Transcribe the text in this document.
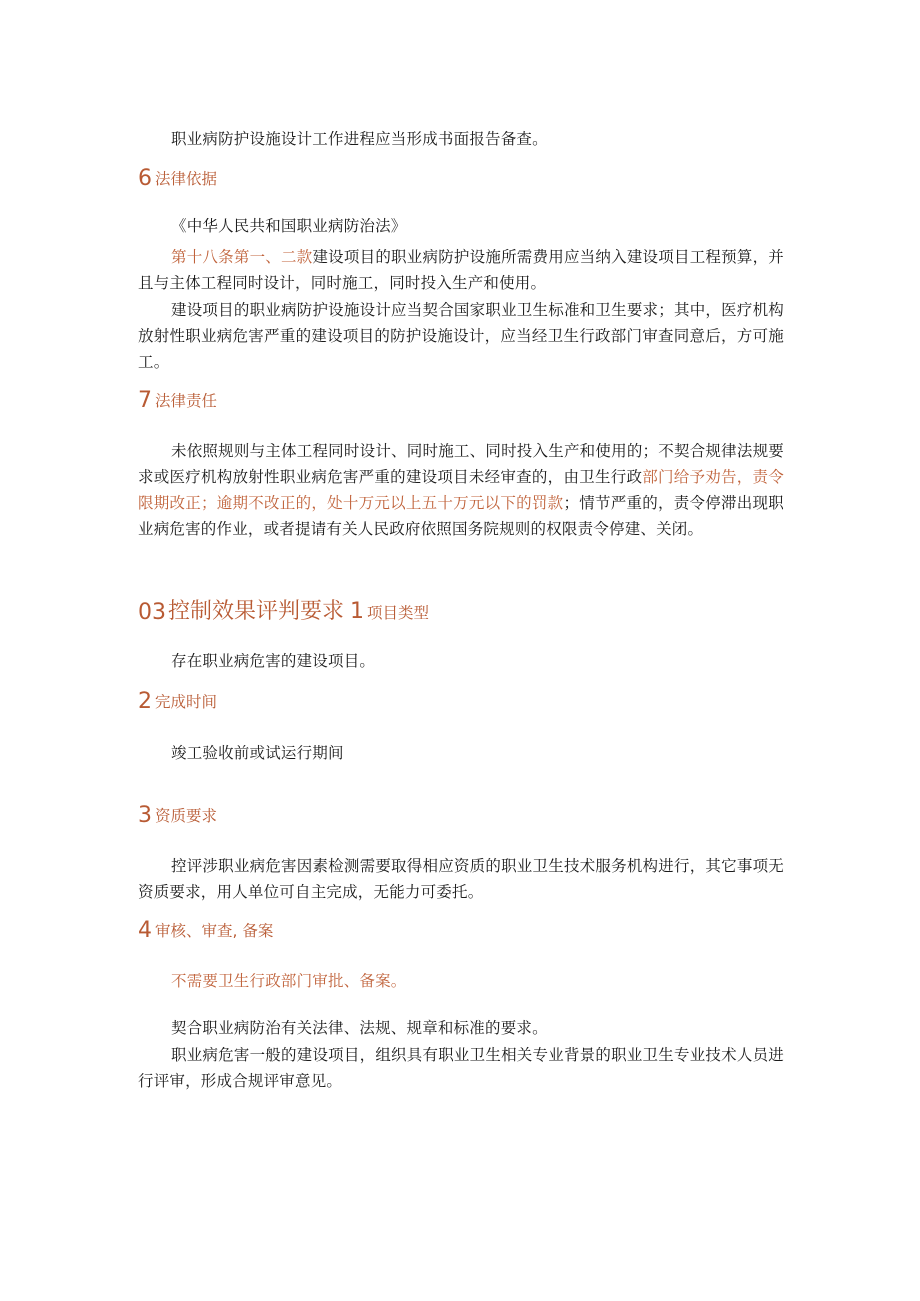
职业病防护设施设计工作进程应当形成书面报告备查。

6 法律依据

《中华人民共和国职业病防治法》

第十八条第一、二款建设项目的职业病防护设施所需费用应当纳入建设项目工程预算，并且与主体工程同时设计，同时施工，同时投入生产和使用。

建设项目的职业病防护设施设计应当契合国家职业卫生标准和卫生要求；其中，医疗机构放射性职业病危害严重的建设项目的防护设施设计，应当经卫生行政部门审查同意后，方可施工。

7 法律责任

未依照规则与主体工程同时设计、同时施工、同时投入生产和使用的；不契合规律法规要求或医疗机构放射性职业病危害严重的建设项目未经审查的，由卫生行政部门给予劝告，责令限期改正；逾期不改正的，处十万元以上五十万元以下的罚款；情节严重的，责令停滞出现职业病危害的作业，或者提请有关人民政府依照国务院规则的权限责令停建、关闭。

03控制效果评判要求 1 项目类型

存在职业病危害的建设项目。

2 完成时间

竣工验收前或试运行期间

3 资质要求

控评涉职业病危害因素检测需要取得相应资质的职业卫生技术服务机构进行，其它事项无资质要求，用人单位可自主完成，无能力可委托。

4 审核、审查, 备案

不需要卫生行政部门审批、备案。

契合职业病防治有关法律、法规、规章和标准的要求。

职业病危害一般的建设项目，组织具有职业卫生相关专业背景的职业卫生专业技术人员进行评审，形成合规评审意见。
